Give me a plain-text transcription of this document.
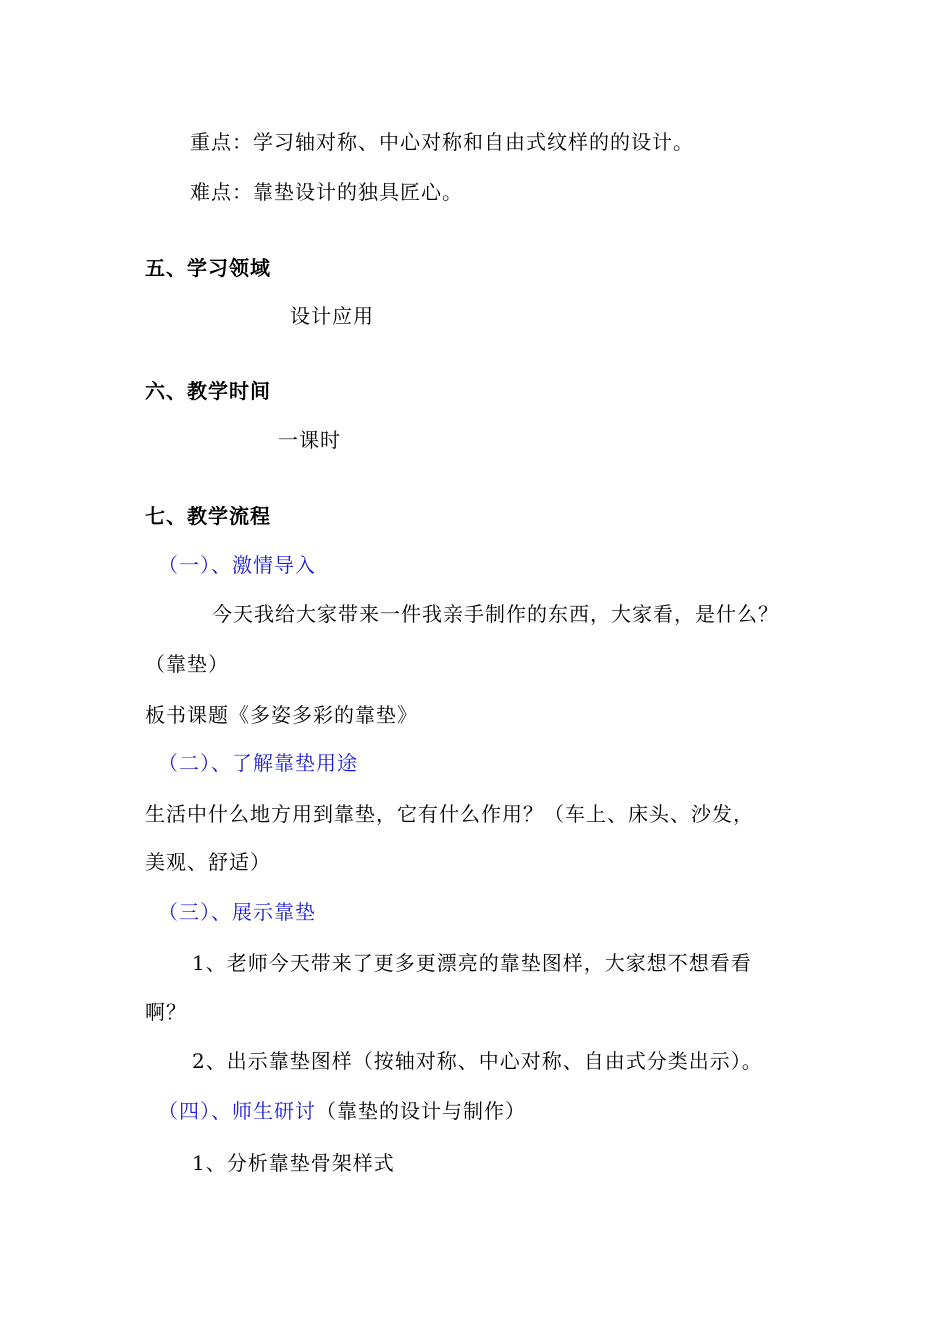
重点：学习轴对称、中心对称和自由式纹样的的设计。
难点：靠垫设计的独具匠心。
五、学习领域
设计应用
六、教学时间
一课时
七、教学流程
（一）、激情导入
今天我给大家带来一件我亲手制作的东西，大家看，是什么？
（靠垫）
板书课题《多姿多彩的靠垫》
（二）、了解靠垫用途
生活中什么地方用到靠垫，它有什么作用？（车上、床头、沙发，
美观、舒适）
（三）、展示靠垫
1、老师今天带来了更多更漂亮的靠垫图样，大家想不想看看
啊？
2、出示靠垫图样（按轴对称、中心对称、自由式分类出示）。
（四）、师生研讨（靠垫的设计与制作）
1、分析靠垫骨架样式
